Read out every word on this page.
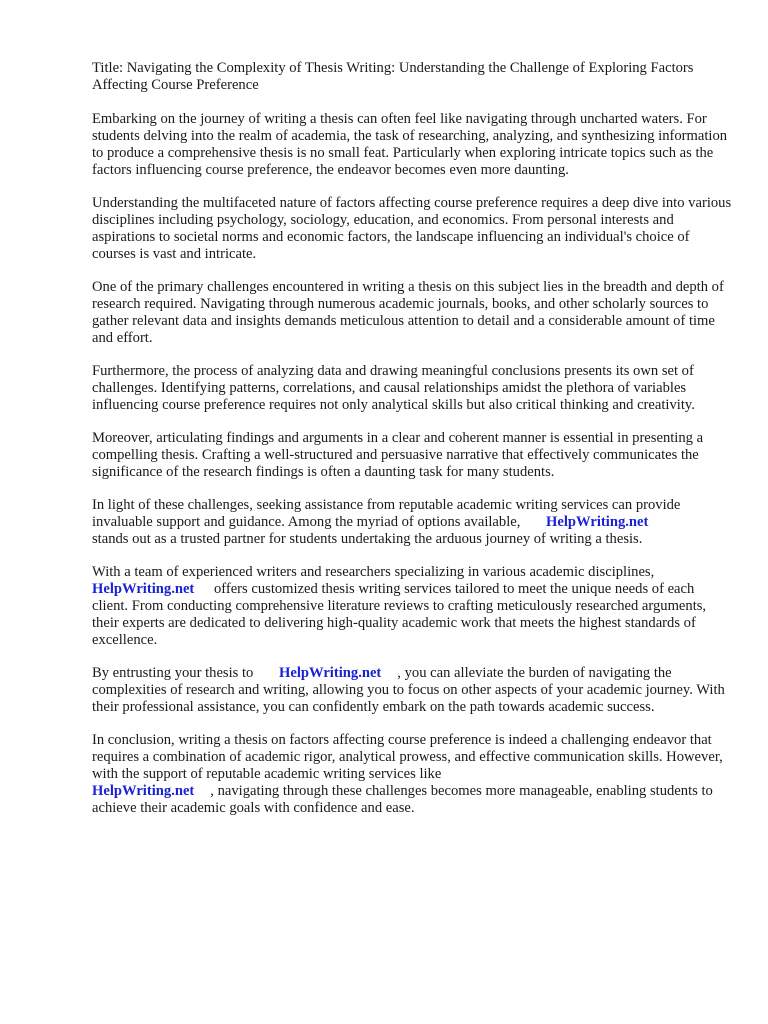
Title: Navigating the Complexity of Thesis Writing: Understanding the Challenge of Exploring Factors Affecting Course Preference

Embarking on the journey of writing a thesis can often feel like navigating through uncharted waters. For students delving into the realm of academia, the task of researching, analyzing, and synthesizing information to produce a comprehensive thesis is no small feat. Particularly when exploring intricate topics such as the factors influencing course preference, the endeavor becomes even more daunting.

Understanding the multifaceted nature of factors affecting course preference requires a deep dive into various disciplines including psychology, sociology, education, and economics. From personal interests and aspirations to societal norms and economic factors, the landscape influencing an individual's choice of courses is vast and intricate.

One of the primary challenges encountered in writing a thesis on this subject lies in the breadth and depth of research required. Navigating through numerous academic journals, books, and other scholarly sources to gather relevant data and insights demands meticulous attention to detail and a considerable amount of time and effort.

Furthermore, the process of analyzing data and drawing meaningful conclusions presents its own set of challenges. Identifying patterns, correlations, and causal relationships amidst the plethora of variables influencing course preference requires not only analytical skills but also critical thinking and creativity.

Moreover, articulating findings and arguments in a clear and coherent manner is essential in presenting a compelling thesis. Crafting a well-structured and persuasive narrative that effectively communicates the significance of the research findings is often a daunting task for many students.

In light of these challenges, seeking assistance from reputable academic writing services can provide invaluable support and guidance. Among the myriad of options available, HelpWriting.net
stands out as a trusted partner for students undertaking the arduous journey of writing a thesis.

With a team of experienced writers and researchers specializing in various academic disciplines,
HelpWriting.net offers customized thesis writing services tailored to meet the unique needs of each client. From conducting comprehensive literature reviews to crafting meticulously researched arguments, their experts are dedicated to delivering high-quality academic work that meets the highest standards of excellence.

By entrusting your thesis to HelpWriting.net , you can alleviate the burden of navigating the complexities of research and writing, allowing you to focus on other aspects of your academic journey. With their professional assistance, you can confidently embark on the path towards academic success.

In conclusion, writing a thesis on factors affecting course preference is indeed a challenging endeavor that requires a combination of academic rigor, analytical prowess, and effective communication skills. However, with the support of reputable academic writing services like
HelpWriting.net , navigating through these challenges becomes more manageable, enabling students to achieve their academic goals with confidence and ease.
